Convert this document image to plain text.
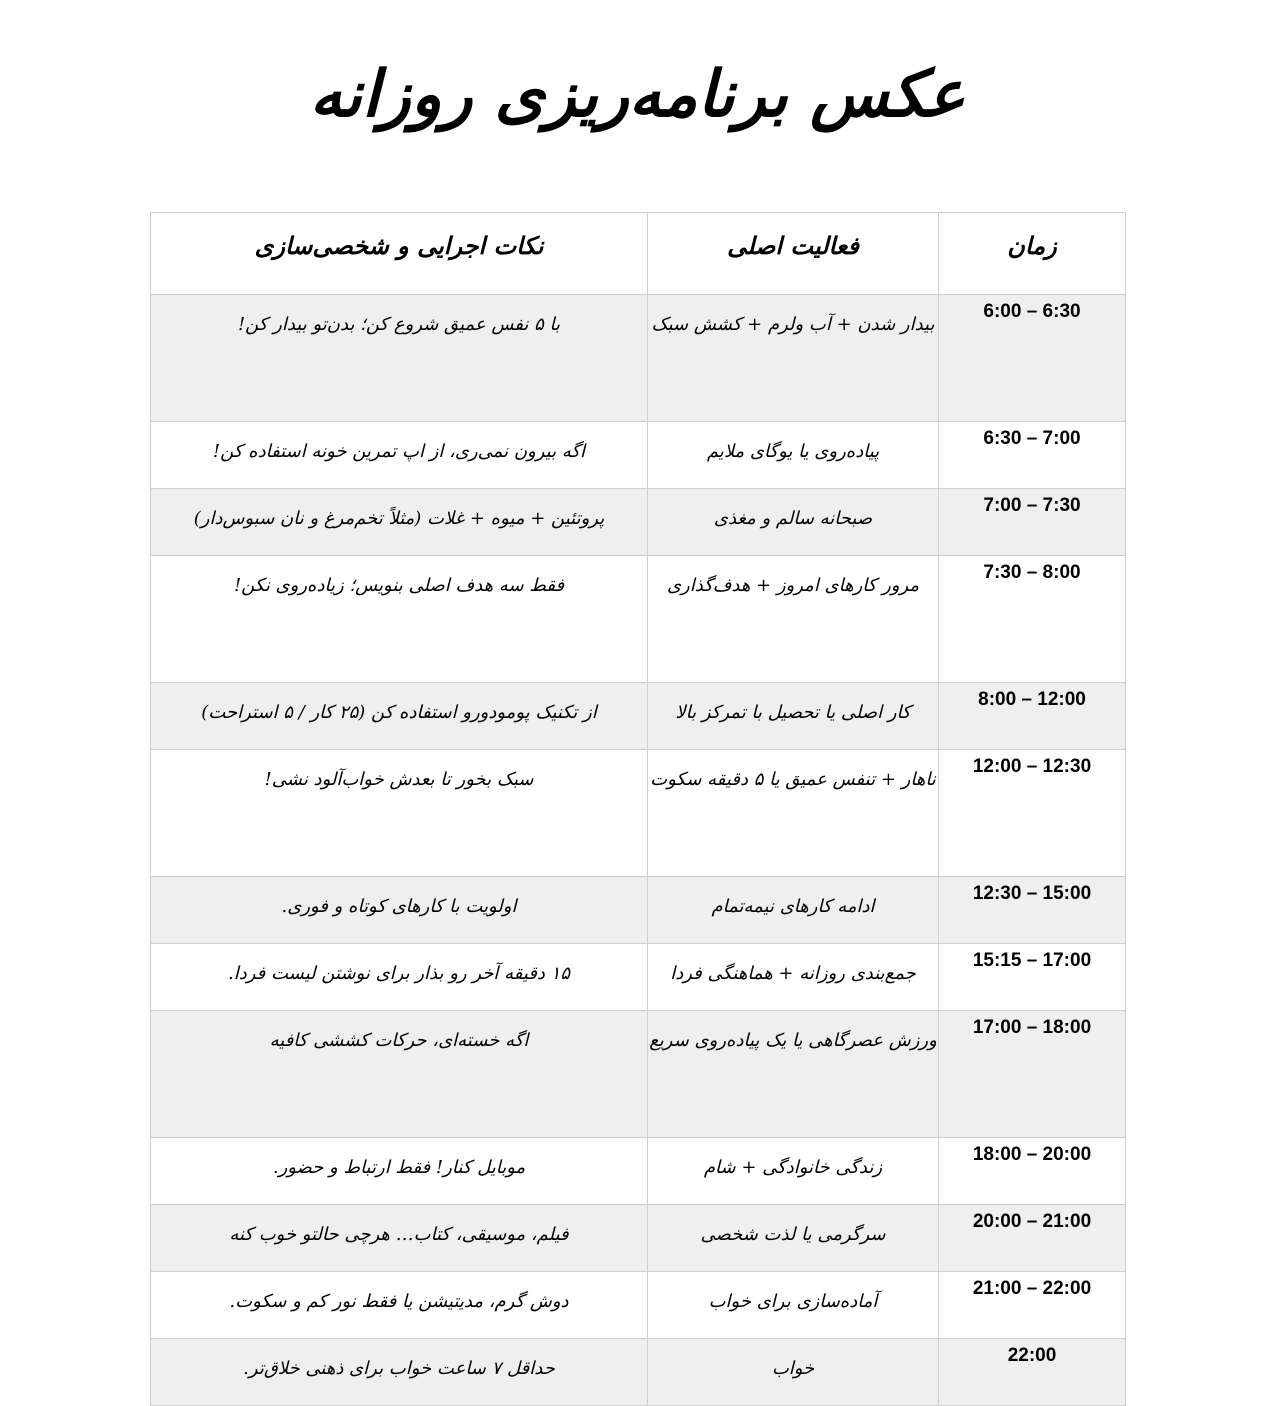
عکس برنامه‌ریزی روزانه
زمان	فعالیت اصلی	نکات اجرایی و شخصی‌سازی

6:00 – 6:30	بیدار شدن + آب ولرم + کشش سبک	با ۵ نفس عمیق شروع کن؛ بدن‌تو بیدار کن!
6:30 – 7:00	پیاده‌روی یا یوگای ملایم	اگه بیرون نمی‌ری، از اپ تمرین خونه استفاده کن!
7:00 – 7:30	صبحانه سالم و مغذی	پروتئین + میوه + غلات (مثلاً تخم‌مرغ و نان سبوس‌دار)
7:30 – 8:00	مرور کارهای امروز + هدف‌گذاری	فقط سه هدف اصلی بنویس؛ زیاده‌روی نکن!
8:00 – 12:00	کار اصلی یا تحصیل با تمرکز بالا	از تکنیک پومودورو استفاده کن (۲۵ کار / ۵ استراحت)
12:00 – 12:30	ناهار + تنفس عمیق یا ۵ دقیقه سکوت	سبک بخور تا بعدش خواب‌آلود نشی!
12:30 – 15:00	ادامه کارهای نیمه‌تمام	اولویت با کارهای کوتاه و فوری.
15:15 – 17:00	جمع‌بندی روزانه + هماهنگی فردا	۱۵ دقیقه آخر رو بذار برای نوشتن لیست فردا.
17:00 – 18:00	ورزش عصرگاهی یا یک پیاده‌روی سریع	اگه خسته‌ای، حرکات کششی کافیه
18:00 – 20:00	زندگی خانوادگی + شام	موبایل کنار! فقط ارتباط و حضور.
20:00 – 21:00	سرگرمی یا لذت شخصی	فیلم، موسیقی، کتاب… هرچی حالتو خوب کنه
21:00 – 22:00	آماده‌سازی برای خواب	دوش گرم، مدیتیشن یا فقط نور کم و سکوت.
22:00	خواب	حداقل ۷ ساعت خواب برای ذهنی خلاق‌تر.
